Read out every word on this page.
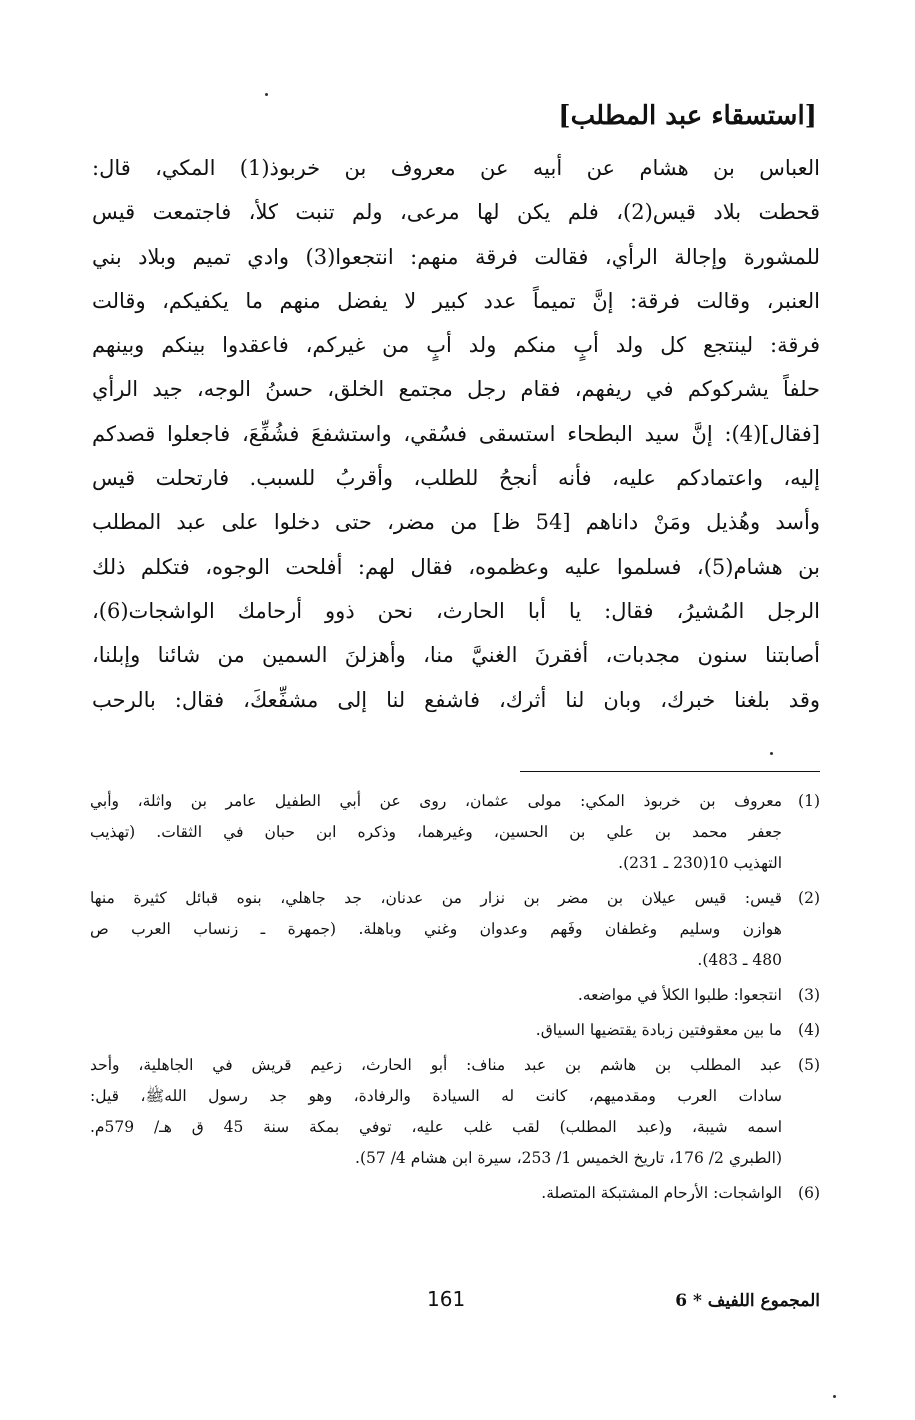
[استسقاء عبد المطلب]
العباس بن هشام عن أبيه عن معروف بن خربوذ(1) المكي، قال:
قحطت بلاد قيس(2)، فلم يكن لها مرعى، ولم تنبت كلأ، فاجتمعت قيس
للمشورة وإجالة الرأي، فقالت فرقة منهم: انتجعوا(3) وادي تميم وبلاد بني
العنبر، وقالت فرقة: إنَّ تميماً عدد كبير لا يفضل منهم ما يكفيكم، وقالت
فرقة: لينتجع كل ولد أبٍ منكم ولد أبٍ من غيركم، فاعقدوا بينكم وبينهم
حلفاً يشركوكم في ريفهم، فقام رجل مجتمع الخلق، حسنُ الوجه، جيد الرأي
[فقال](4): إنَّ سيد البطحاء استسقى فسُقي، واستشفعَ فشُفِّعَ، فاجعلوا قصدكم
إليه، واعتمادكم عليه، فأنه أنجحُ للطلب، وأقربُ للسبب. فارتحلت قيس
وأسد وهُذيل ومَنْ داناهم [54 ظ] من مضر، حتى دخلوا على عبد المطلب
بن هشام(5)، فسلموا عليه وعظموه، فقال لهم: أفلحت الوجوه، فتكلم ذلك
الرجل المُشيرُ، فقال: يا أبا الحارث، نحن ذوو أرحامك الواشجات(6)،
أصابتنا سنون مجدبات، أفقرنَ الغنيَّ منا، وأهزلنَ السمين من شائنا وإبلنا،
وقد بلغنا خبرك، وبان لنا أثرك، فاشفع لنا إلى مشفِّعكَ، فقال: بالرحب
(1)
معروف بن خربوذ المكي: مولى عثمان، روى عن أبي الطفيل عامر بن واثلة، وأبي
جعفر محمد بن علي بن الحسين، وغيرهما، وذكره ابن حبان في الثقات. (تهذيب
التهذيب 10(230 ـ 231).
(2)
قيس: قيس عيلان بن مضر بن نزار من عدنان، جد جاهلي، بنوه قبائل كثيرة منها
هوازن وسليم وغطفان وفَهم وعدوان وغني وباهلة. (جمهرة ـ زنساب العرب ص
480 ـ 483).
(3)
انتجعوا: طلبوا الكلأ في مواضعه.
(4)
ما بين معقوفتين زبادة يقتضيها السياق.
(5)
عبد المطلب بن هاشم بن عبد مناف: أبو الحارث، زعيم قريش في الجاهلية، وأحد
سادات العرب ومقدميهم، كانت له السيادة والرفادة، وهو جد رسول اللهﷺ، قيل:
اسمه شيبة، و(عبد المطلب) لقب غلب عليه، توفي بمكة سنة 45 ق هـ/ 579م.
(الطبري 2/ 176، تاريخ الخميس 1/ 253، سيرة ابن هشام 4/ 57).
(6)
الواشجات: الأرحام المشتبكة المتصلة.
المجموع اللفيف * 6
161
